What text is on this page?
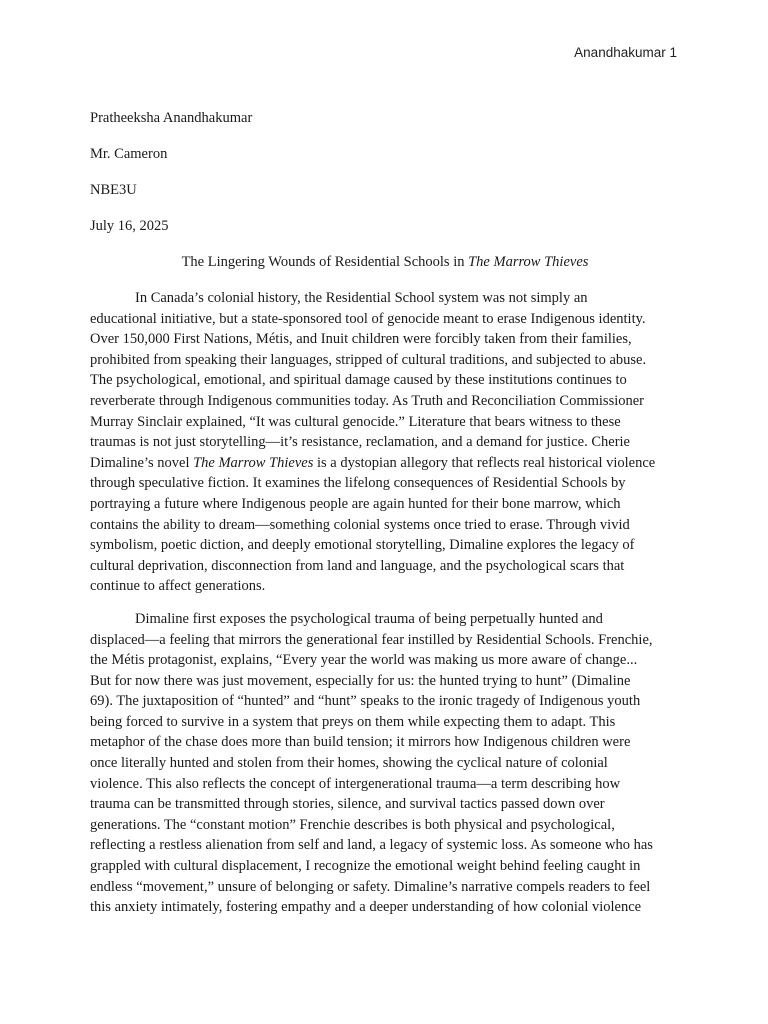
Anandhakumar 1
Pratheeksha Anandhakumar
Mr. Cameron
NBE3U
July 16, 2025
The Lingering Wounds of Residential Schools in The Marrow Thieves
In Canada’s colonial history, the Residential School system was not simply an
educational initiative, but a state-sponsored tool of genocide meant to erase Indigenous identity.
Over 150,000 First Nations, Métis, and Inuit children were forcibly taken from their families,
prohibited from speaking their languages, stripped of cultural traditions, and subjected to abuse.
The psychological, emotional, and spiritual damage caused by these institutions continues to
reverberate through Indigenous communities today. As Truth and Reconciliation Commissioner
Murray Sinclair explained, “It was cultural genocide.” Literature that bears witness to these
traumas is not just storytelling—it’s resistance, reclamation, and a demand for justice. Cherie
Dimaline’s novel The Marrow Thieves is a dystopian allegory that reflects real historical violence
through speculative fiction. It examines the lifelong consequences of Residential Schools by
portraying a future where Indigenous people are again hunted for their bone marrow, which
contains the ability to dream—something colonial systems once tried to erase. Through vivid
symbolism, poetic diction, and deeply emotional storytelling, Dimaline explores the legacy of
cultural deprivation, disconnection from land and language, and the psychological scars that
continue to affect generations.
Dimaline first exposes the psychological trauma of being perpetually hunted and
displaced—a feeling that mirrors the generational fear instilled by Residential Schools. Frenchie,
the Métis protagonist, explains, “Every year the world was making us more aware of change...
But for now there was just movement, especially for us: the hunted trying to hunt” (Dimaline
69). The juxtaposition of “hunted” and “hunt” speaks to the ironic tragedy of Indigenous youth
being forced to survive in a system that preys on them while expecting them to adapt. This
metaphor of the chase does more than build tension; it mirrors how Indigenous children were
once literally hunted and stolen from their homes, showing the cyclical nature of colonial
violence. This also reflects the concept of intergenerational trauma—a term describing how
trauma can be transmitted through stories, silence, and survival tactics passed down over
generations. The “constant motion” Frenchie describes is both physical and psychological,
reflecting a restless alienation from self and land, a legacy of systemic loss. As someone who has
grappled with cultural displacement, I recognize the emotional weight behind feeling caught in
endless “movement,” unsure of belonging or safety. Dimaline’s narrative compels readers to feel
this anxiety intimately, fostering empathy and a deeper understanding of how colonial violence
